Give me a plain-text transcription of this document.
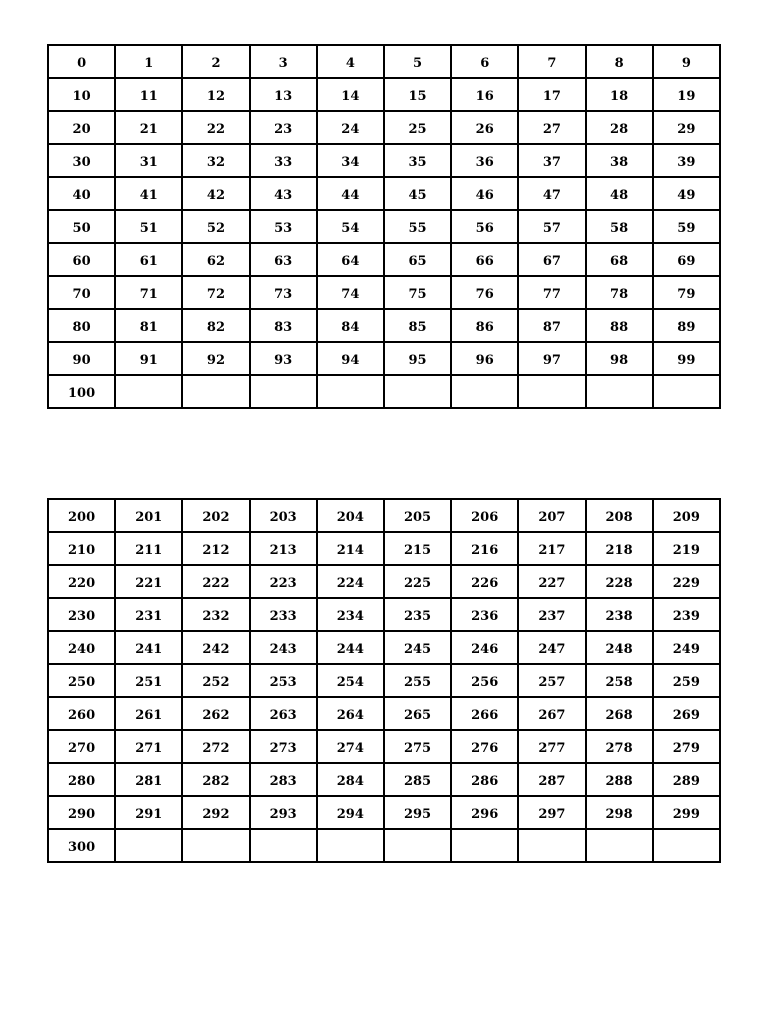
0	1	2	3	4	5	6	7	8	9
10	11	12	13	14	15	16	17	18	19
20	21	22	23	24	25	26	27	28	29
30	31	32	33	34	35	36	37	38	39
40	41	42	43	44	45	46	47	48	49
50	51	52	53	54	55	56	57	58	59
60	61	62	63	64	65	66	67	68	69
70	71	72	73	74	75	76	77	78	79
80	81	82	83	84	85	86	87	88	89
90	91	92	93	94	95	96	97	98	99
100									
200	201	202	203	204	205	206	207	208	209
210	211	212	213	214	215	216	217	218	219
220	221	222	223	224	225	226	227	228	229
230	231	232	233	234	235	236	237	238	239
240	241	242	243	244	245	246	247	248	249
250	251	252	253	254	255	256	257	258	259
260	261	262	263	264	265	266	267	268	269
270	271	272	273	274	275	276	277	278	279
280	281	282	283	284	285	286	287	288	289
290	291	292	293	294	295	296	297	298	299
300									
